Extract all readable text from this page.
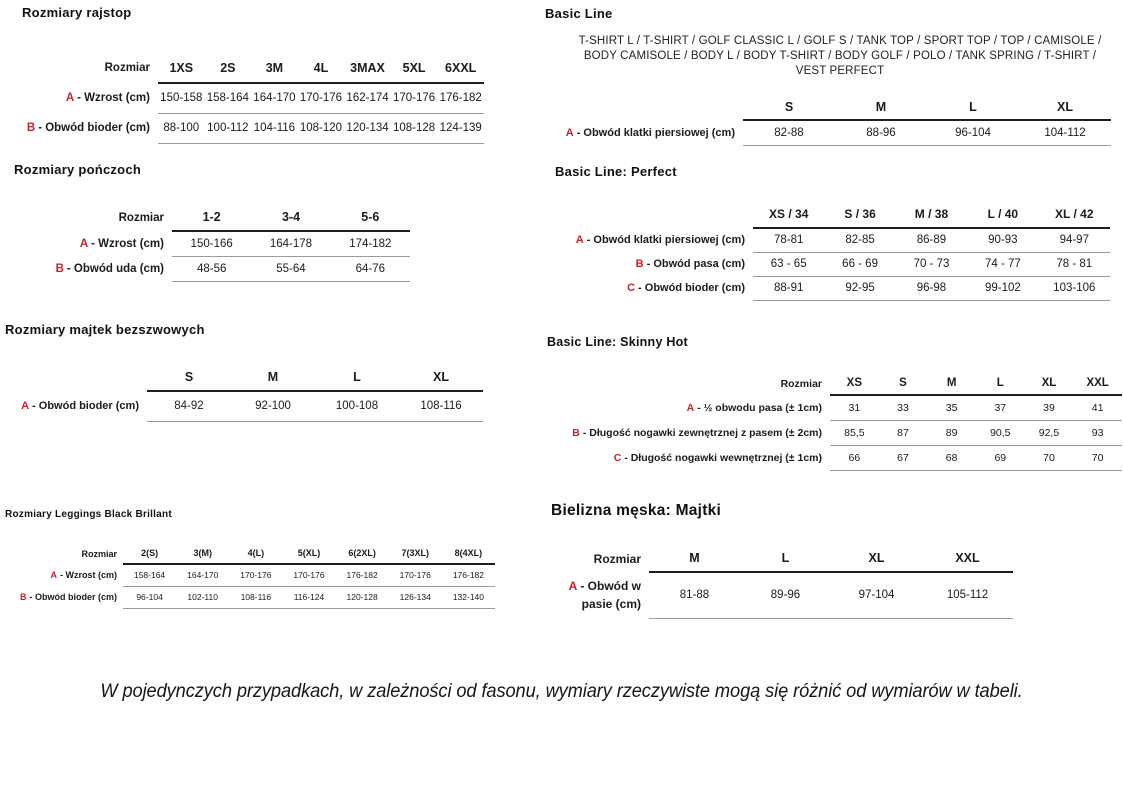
W pojedynczych przypadkach, w zależności od fasonu, wymiary rzeczywiste mogą się różnić od wymiarów w tabeli.
Rozmiary rajstop
Rozmiar	1XS	2S	3M	4L	3MAX	5XL	6XXL
A - Wzrost (cm)	150-158	158-164	164-170	170-176	162-174	170-176	176-182
B - Obwód bioder (cm)	88-100	100-112	104-116	108-120	120-134	108-128	124-139
Rozmiary pończoch
Rozmiar	1-2	3-4	5-6
A - Wzrost (cm)	150-166	164-178	174-182
B - Obwód uda (cm)	48-56	55-64	64-76
Rozmiary majtek bezszwowych
	S	M	L	XL
A - Obwód bioder (cm)	84-92	92-100	100-108	108-116
Rozmiary Leggings Black Brillant
Rozmiar	2(S)	3(M)	4(L)	5(XL)	6(2XL)	7(3XL)	8(4XL)
A - Wzrost (cm)	158-164	164-170	170-176	170-176	176-182	170-176	176-182
B - Obwód bioder (cm)	96-104	102-110	108-116	116-124	120-128	126-134	132-140
Basic Line
T-SHIRT L / T-SHIRT / GOLF CLASSIC L / GOLF S / TANK TOP / SPORT TOP / TOP / CAMISOLE / BODY CAMISOLE / BODY L / BODY T-SHIRT / BODY GOLF / POLO / TANK SPRING / T-SHIRT / VEST PERFECT
	S	M	L	XL
A - Obwód klatki piersiowej (cm)	82-88	88-96	96-104	104-112
Basic Line: Perfect
	XS / 34	S / 36	M / 38	L / 40	XL / 42
A - Obwód klatki piersiowej (cm)	78-81	82-85	86-89	90-93	94-97
B - Obwód pasa (cm)	63 - 65	66 - 69	70 - 73	74 - 77	78 - 81
C - Obwód bioder (cm)	88-91	92-95	96-98	99-102	103-106
Basic Line: Skinny Hot
Rozmiar	XS	S	M	L	XL	XXL
A - ½ obwodu pasa (± 1cm)	31	33	35	37	39	41
B - Długość nogawki zewnętrznej z pasem (± 2cm)	85,5	87	89	90,5	92,5	93
C - Długość nogawki wewnętrznej (± 1cm)	66	67	68	69	70	70
Bielizna męska: Majtki
Rozmiar	M	L	XL	XXL
A - Obwód w pasie (cm)	81-88	89-96	97-104	105-112
